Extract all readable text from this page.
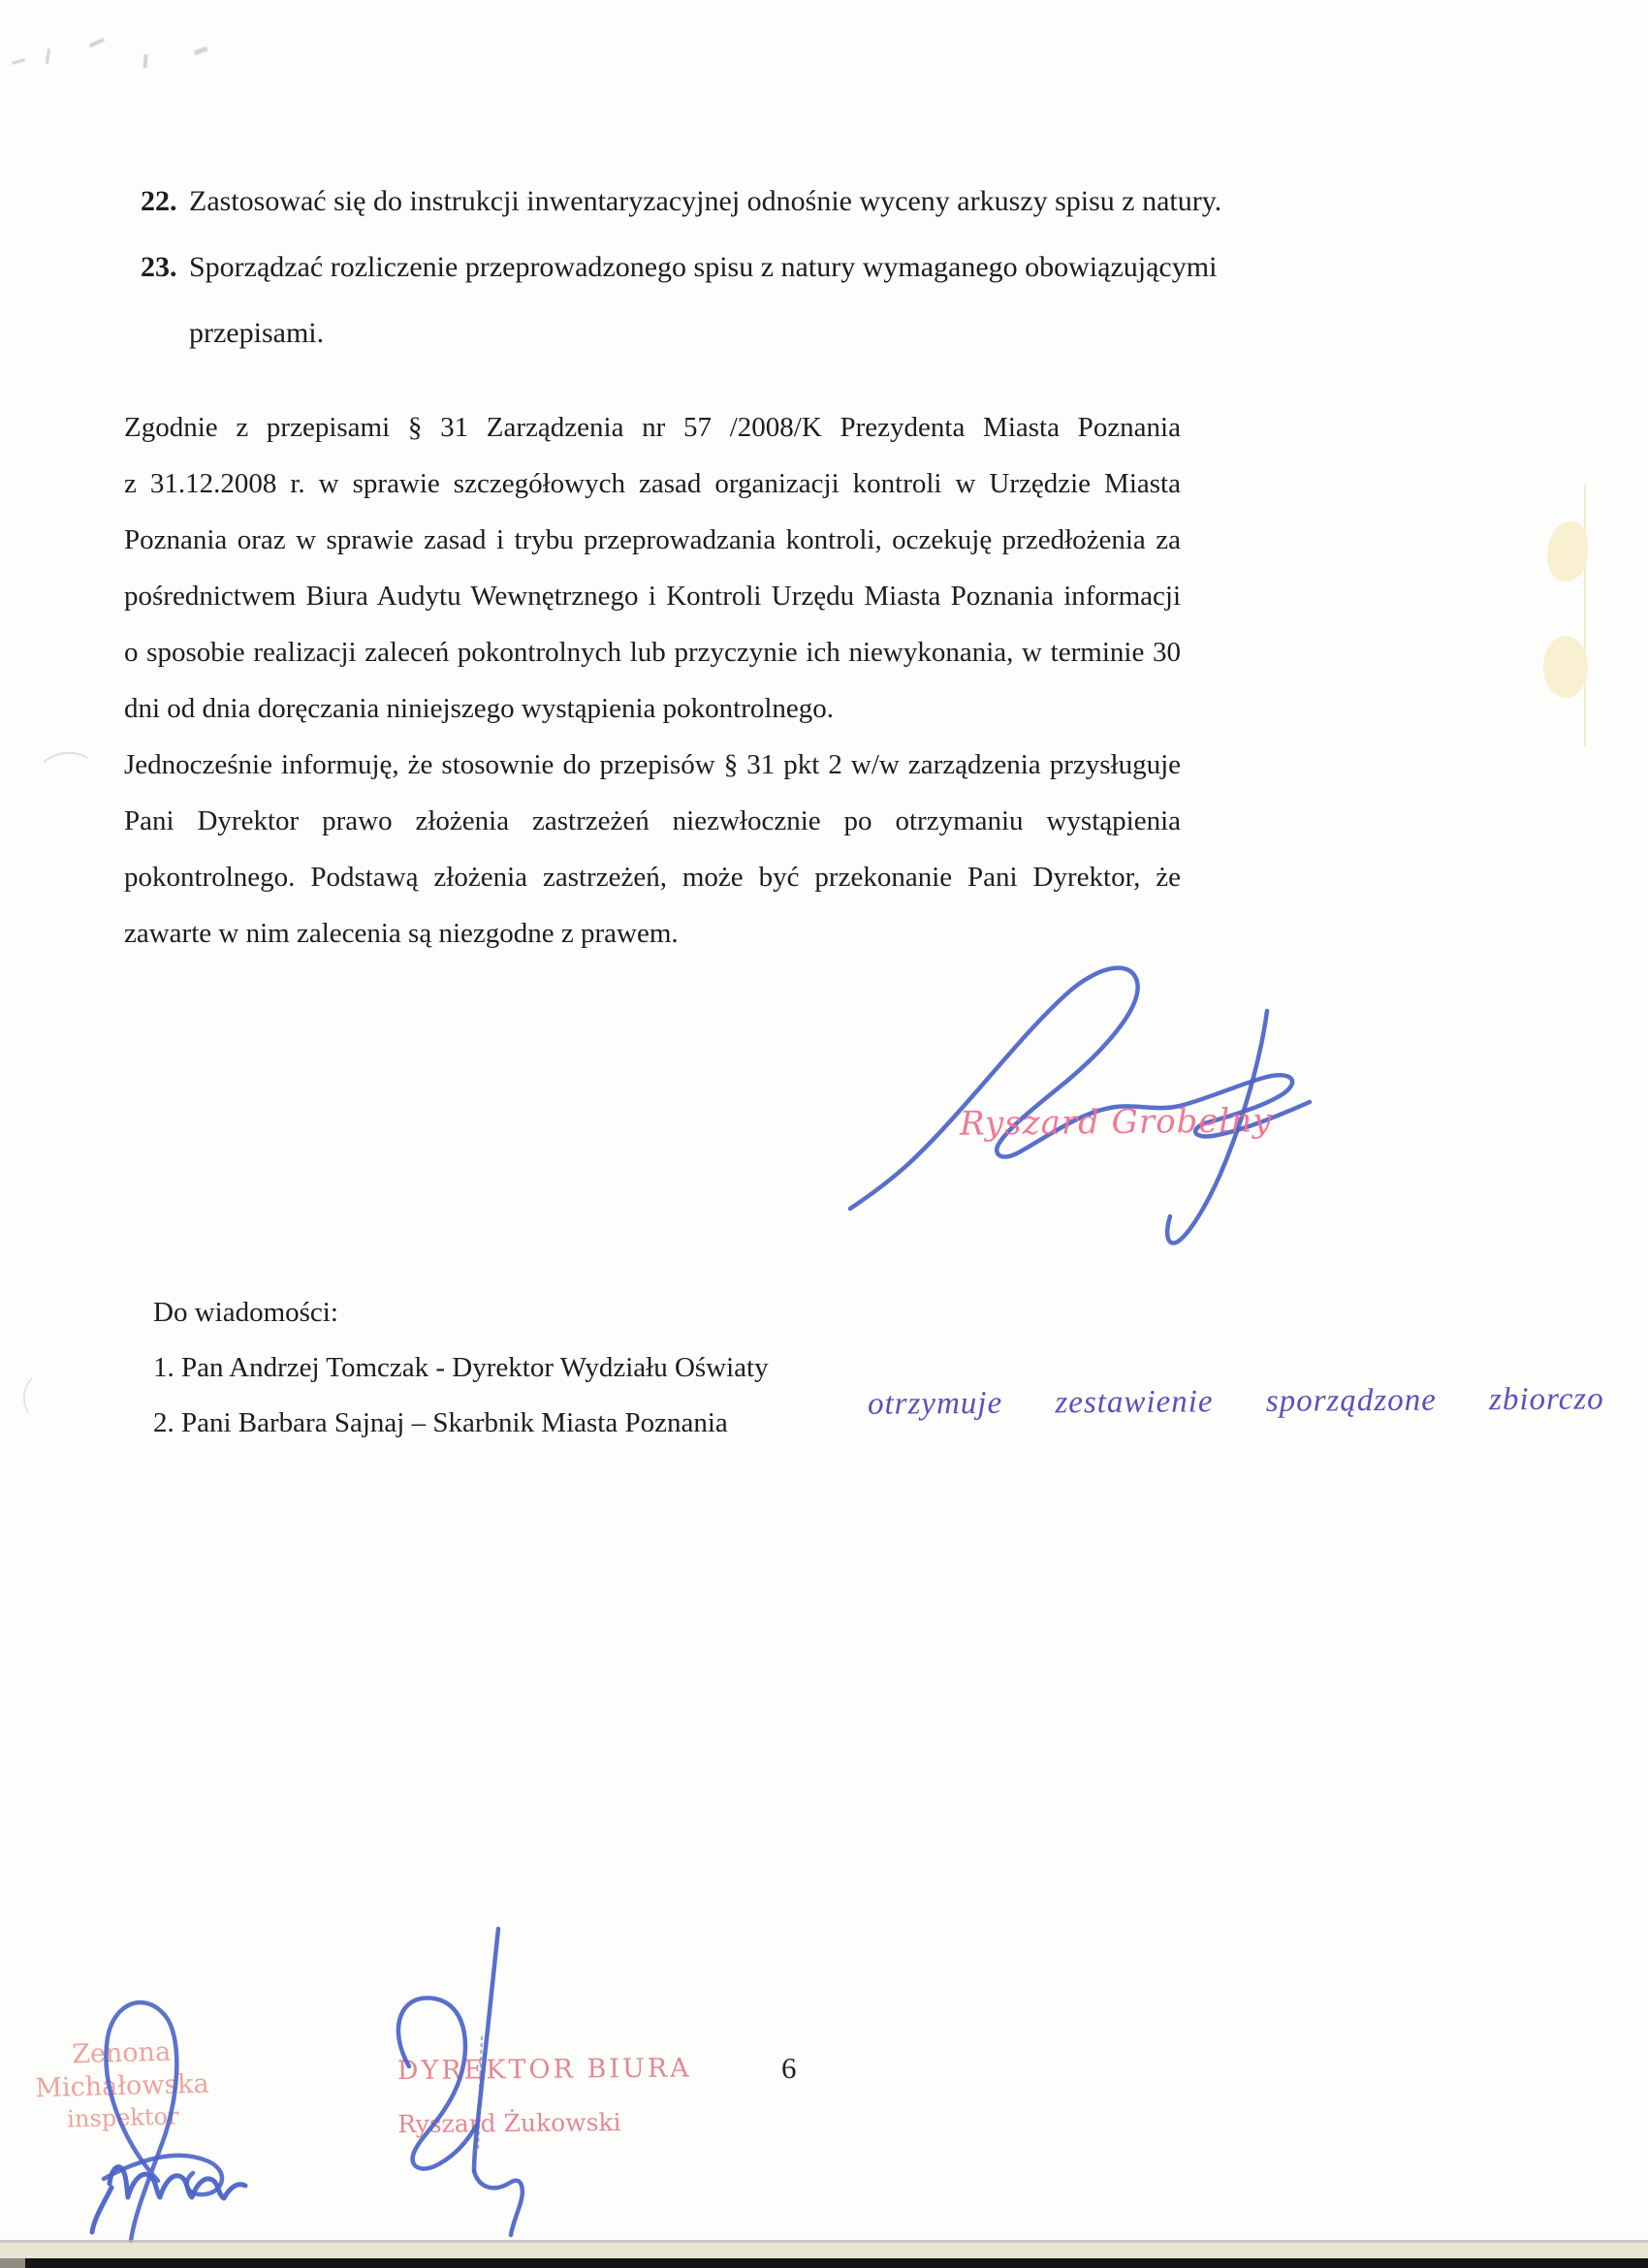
22. Zastosować się do instrukcji inwentaryzacyjnej odnośnie wyceny arkuszy spisu z natury.
23. Sporządzać rozliczenie przeprowadzonego spisu z natury wymaganego obowiązującymi
przepisami.
Zgodnie z przepisami § 31 Zarządzenia nr 57 /2008/K Prezydenta Miasta Poznania
z 31.12.2008 r. w sprawie szczegółowych zasad organizacji kontroli w Urzędzie Miasta
Poznania oraz w sprawie zasad i trybu przeprowadzania kontroli, oczekuję przedłożenia za
pośrednictwem Biura Audytu Wewnętrznego i Kontroli Urzędu Miasta Poznania informacji
o sposobie realizacji zaleceń pokontrolnych lub przyczynie ich niewykonania, w terminie 30
dni od dnia doręczania niniejszego wystąpienia pokontrolnego.
Jednocześnie informuję, że stosownie do przepisów § 31 pkt 2 w/w zarządzenia przysługuje
Pani Dyrektor prawo złożenia zastrzeżeń niezwłocznie po otrzymaniu wystąpienia
pokontrolnego. Podstawą złożenia zastrzeżeń, może być przekonanie Pani Dyrektor, że
zawarte w nim zalecenia są niezgodne z prawem.
Ryszard Grobelny
Do wiadomości:
1. Pan Andrzej Tomczak - Dyrektor Wydziału Oświaty
2. Pani Barbara Sajnaj – Skarbnik Miasta Poznania
otrzymuje zestawienie sporządzone zbiorczo
Zenona Michałowska
inspektor
DYREKTOR BIURA
Ryszard Żukowski
6
